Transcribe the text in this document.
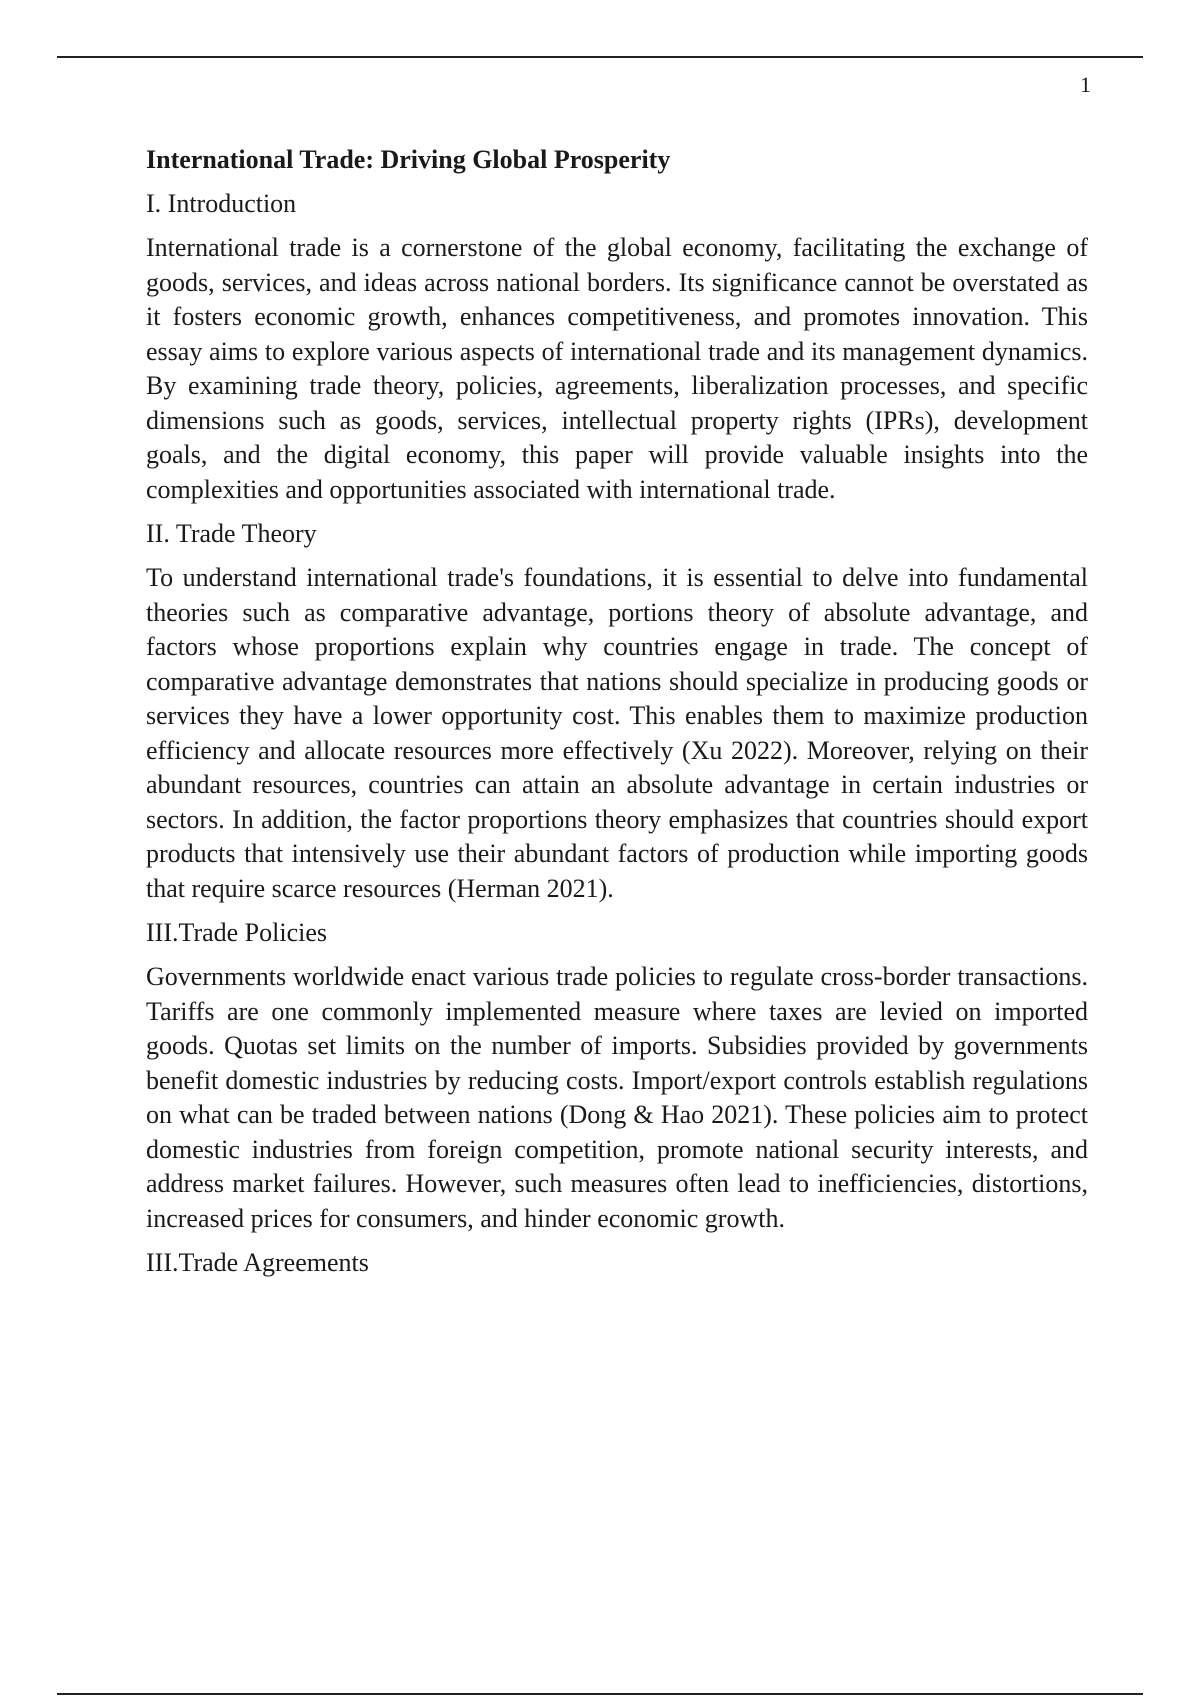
1
International Trade: Driving Global Prosperity
I. Introduction

International trade is a cornerstone of the global economy, facilitating the exchange of goods, services, and ideas across national borders. Its significance cannot be overstated as it fosters economic growth, enhances competitiveness, and promotes innovation. This essay aims to explore various aspects of international trade and its management dynamics. By examining trade theory, policies, agreements, liberalization processes, and specific dimensions such as goods, services, intellectual property rights (IPRs), development goals, and the digital economy, this paper will provide valuable insights into the complexities and opportunities associated with international trade.

II. Trade Theory

To understand international trade's foundations, it is essential to delve into fundamental theories such as comparative advantage, portions theory of absolute advantage, and factors whose proportions explain why countries engage in trade. The concept of comparative advantage demonstrates that nations should specialize in producing goods or services they have a lower opportunity cost. This enables them to maximize production efficiency and allocate resources more effectively (Xu 2022). Moreover, relying on their abundant resources, countries can attain an absolute advantage in certain industries or sectors. In addition, the factor proportions theory emphasizes that countries should export products that intensively use their abundant factors of production while importing goods that require scarce resources (Herman 2021).

III.Trade Policies

Governments worldwide enact various trade policies to regulate cross-border transactions. Tariffs are one commonly implemented measure where taxes are levied on imported goods. Quotas set limits on the number of imports. Subsidies provided by governments benefit domestic industries by reducing costs. Import/export controls establish regulations on what can be traded between nations (Dong & Hao 2021). These policies aim to protect domestic industries from foreign competition, promote national security interests, and address market failures. However, such measures often lead to inefficiencies, distortions, increased prices for consumers, and hinder economic growth.

III.Trade Agreements
